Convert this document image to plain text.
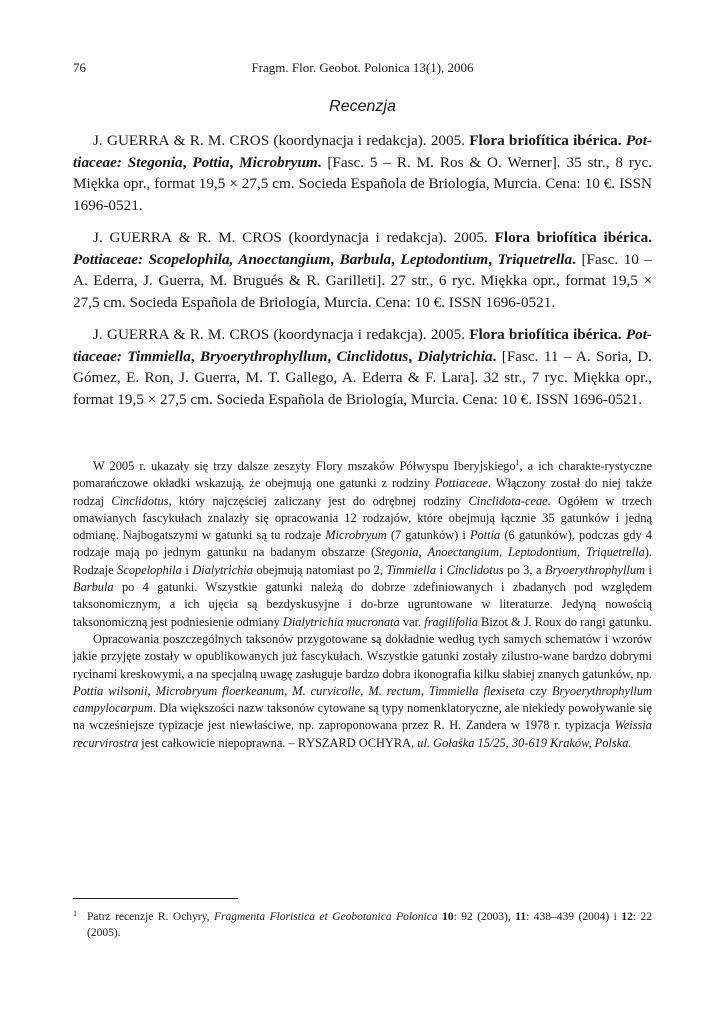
76	Fragm. Flor. Geobot. Polonica 13(1), 2006
Recenzja

J. GUERRA & R. M. CROS (koordynacja i redakcja). 2005. Flora briofítica ibérica. Pot-tiaceae: Stegonia, Pottia, Microbryum. [Fasc. 5 – R. M. Ros & O. Werner]. 35 str., 8 ryc. Miękka opr., format 19,5 × 27,5 cm. Socieda Española de Briología, Murcia. Cena: 10 €. ISSN 1696-0521.

J. GUERRA & R. M. CROS (koordynacja i redakcja). 2005. Flora briofítica ibérica. Pottiaceae: Scopelophila, Anoectangium, Barbula, Leptodontium, Triquetrella. [Fasc. 10 – A. Ederra, J. Guerra, M. Brugués & R. Garilleti]. 27 str., 6 ryc. Miękka opr., format 19,5 × 27,5 cm. Socieda Española de Briología, Murcia. Cena: 10 €. ISSN 1696-0521.

J. GUERRA & R. M. CROS (koordynacja i redakcja). 2005. Flora briofítica ibérica. Pot-tiaceae: Timmiella, Bryoerythrophyllum, Cinclidotus, Dialytrichia. [Fasc. 11 – A. Soria, D. Gómez, E. Ron, J. Guerra, M. T. Gallego, A. Ederra & F. Lara]. 32 str., 7 ryc. Miękka opr., format 19,5 × 27,5 cm. Socieda Española de Briología, Murcia. Cena: 10 €. ISSN 1696-0521.

W 2005 r. ukazały się trzy dalsze zeszyty Flory mszaków Półwyspu Iberyjskiego$^1$, a ich charakte-rystyczne pomarańczowe okładki wskazują, że obejmują one gatunki z rodziny Pottiaceae. Włączony został do niej także rodzaj Cinclidotus, który najczęściej zaliczany jest do odrębnej rodziny Cinclidota-ceae. Ogółem w trzech omawianych fascykułach znalazły się opracowania 12 rodzajów, które obejmują łącznie 35 gatunków i jedną odmianę. Najbogatszymi w gatunki są tu rodzaje Microbryum (7 gatunków) i Pottia (6 gatunków), podczas gdy 4 rodzaje mają po jednym gatunku na badanym obszarze (Stegonia, Anoectangium, Leptodontium, Triquetrella). Rodzaje Scopelophila i Dialytrichia obejmują natomiast po 2, Timmiella i Cinclidotus po 3, a Bryoerythrophyllum i Barbula po 4 gatunki. Wszystkie gatunki należą do dobrze zdefiniowanych i zbadanych pod względem taksonomicznym, a ich ujęcia są bezdyskusyjne i do-brze ugruntowane w literaturze. Jedyną nowością taksonomiczną jest podniesienie odmiany Dialytrichia mucronata var. fragilifolia Bizot & J. Roux do rangi gatunku.

Opracowania poszczególnych taksonów przygotowane są dokładnie według tych samych schematów i wzorów jakie przyjęte zostały w opublikowanych już fascykułach. Wszystkie gatunki zostały zilustro-wane bardzo dobrymi rycinami kreskowymi, a na specjalną uwagę zasługuje bardzo dobra ikonografia kilku słabiej znanych gatunków, np. Pottia wilsonii, Microbryum floerkeanum, M. curvicolle, M. rectum, Timmiella flexiseta czy Bryoerythrophyllum campylocarpum. Dla większości nazw taksonów cytowane są typy nomenklatoryczne, ale niekiedy powoływanie się na wcześniejsze typizacje jest niewłaściwe, np. zaproponowana przez R. H. Zandera w 1978 r. typizacja Weissia recurvirostra jest całkowicie niepoprawna. – RYSZARD OCHYRA, ul. Gołaśka 15/25, 30-619 Kraków, Polska.

1 Patrz recenzje R. Ochyry, Fragmenta Floristica et Geobotanica Polonica 10: 92 (2003), 11: 438–439 (2004) i 12: 22 (2005).
